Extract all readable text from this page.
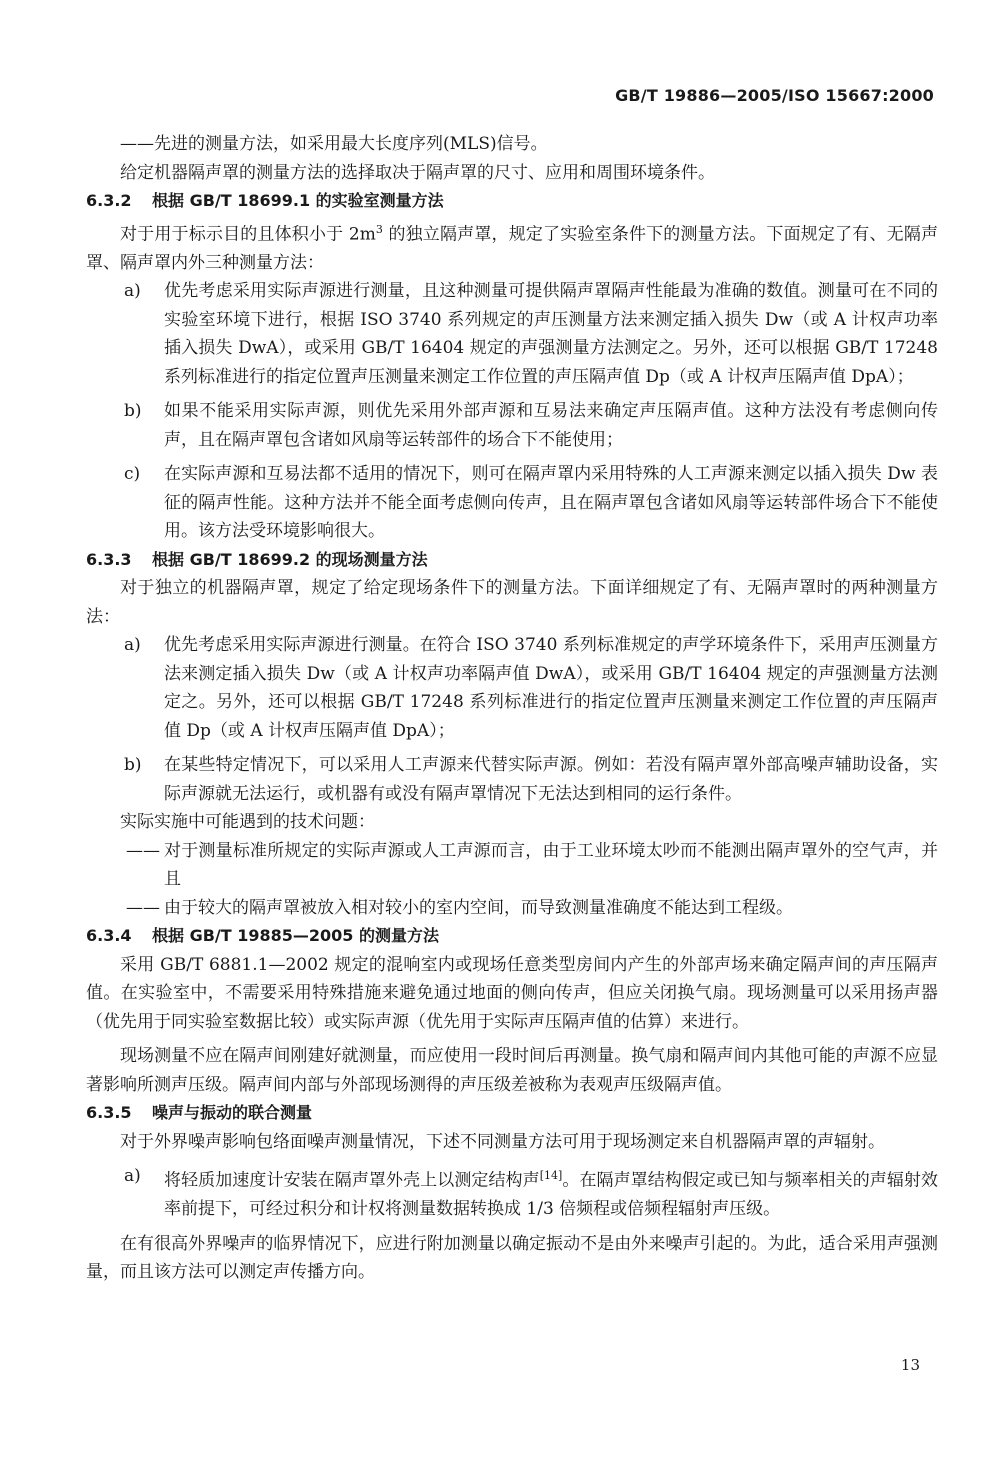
GB/T 19886—2005/ISO 15667:2000

——先进的测量方法，如采用最大长度序列(MLS)信号。

给定机器隔声罩的测量方法的选择取决于隔声罩的尺寸、应用和周围环境条件。

6.3.2 根据 GB/T 18699.1 的实验室测量方法

对于用于标示目的且体积小于 $2m^3$ 的独立隔声罩，规定了实验室条件下的测量方法。下面规定了有、无隔声罩、隔声罩内外三种测量方法：

a) 优先考虑采用实际声源进行测量，且这种测量可提供隔声罩隔声性能最为准确的数值。测量可在不同的实验室环境下进行，根据 ISO 3740 系列规定的声压测量方法来测定插入损失 Dw（或 A 计权声功率插入损失 DwA），或采用 GB/T 16404 规定的声强测量方法测定之。另外，还可以根据 GB/T 17248 系列标准进行的指定位置声压测量来测定工作位置的声压隔声值 Dp（或 A 计权声压隔声值 DpA）；

b) 如果不能采用实际声源，则优先采用外部声源和互易法来确定声压隔声值。这种方法没有考虑侧向传声，且在隔声罩包含诸如风扇等运转部件的场合下不能使用；

c) 在实际声源和互易法都不适用的情况下，则可在隔声罩内采用特殊的人工声源来测定以插入损失 Dw 表征的隔声性能。这种方法并不能全面考虑侧向传声，且在隔声罩包含诸如风扇等运转部件场合下不能使用。该方法受环境影响很大。

6.3.3 根据 GB/T 18699.2 的现场测量方法

对于独立的机器隔声罩，规定了给定现场条件下的测量方法。下面详细规定了有、无隔声罩时的两种测量方法：

a) 优先考虑采用实际声源进行测量。在符合 ISO 3740 系列标准规定的声学环境条件下，采用声压测量方法来测定插入损失 Dw（或 A 计权声功率隔声值 DwA），或采用 GB/T 16404 规定的声强测量方法测定之。另外，还可以根据 GB/T 17248 系列标准进行的指定位置声压测量来测定工作位置的声压隔声值 Dp（或 A 计权声压隔声值 DpA）；

b) 在某些特定情况下，可以采用人工声源来代替实际声源。例如：若没有隔声罩外部高噪声辅助设备，实际声源就无法运行，或机器有或没有隔声罩情况下无法达到相同的运行条件。

实际实施中可能遇到的技术问题：

—— 对于测量标准所规定的实际声源或人工声源而言，由于工业环境太吵而不能测出隔声罩外的空气声，并且

—— 由于较大的隔声罩被放入相对较小的室内空间，而导致测量准确度不能达到工程级。

6.3.4 根据 GB/T 19885—2005 的测量方法

采用 GB/T 6881.1—2002 规定的混响室内或现场任意类型房间内产生的外部声场来确定隔声间的声压隔声值。在实验室中，不需要采用特殊措施来避免通过地面的侧向传声，但应关闭换气扇。现场测量可以采用扬声器（优先用于同实验室数据比较）或实际声源（优先用于实际声压隔声值的估算）来进行。

现场测量不应在隔声间刚建好就测量，而应使用一段时间后再测量。换气扇和隔声间内其他可能的声源不应显著影响所测声压级。隔声间内部与外部现场测得的声压级差被称为表观声压级隔声值。

6.3.5 噪声与振动的联合测量

对于外界噪声影响包络面噪声测量情况，下述不同测量方法可用于现场测定来自机器隔声罩的声辐射。

a) 将轻质加速度计安装在隔声罩外壳上以测定结构声[14]。在隔声罩结构假定或已知与频率相关的声辐射效率前提下，可经过积分和计权将测量数据转换成 1/3 倍频程或倍频程辐射声压级。

在有很高外界噪声的临界情况下，应进行附加测量以确定振动不是由外来噪声引起的。为此，适合采用声强测量，而且该方法可以测定声传播方向。

13
